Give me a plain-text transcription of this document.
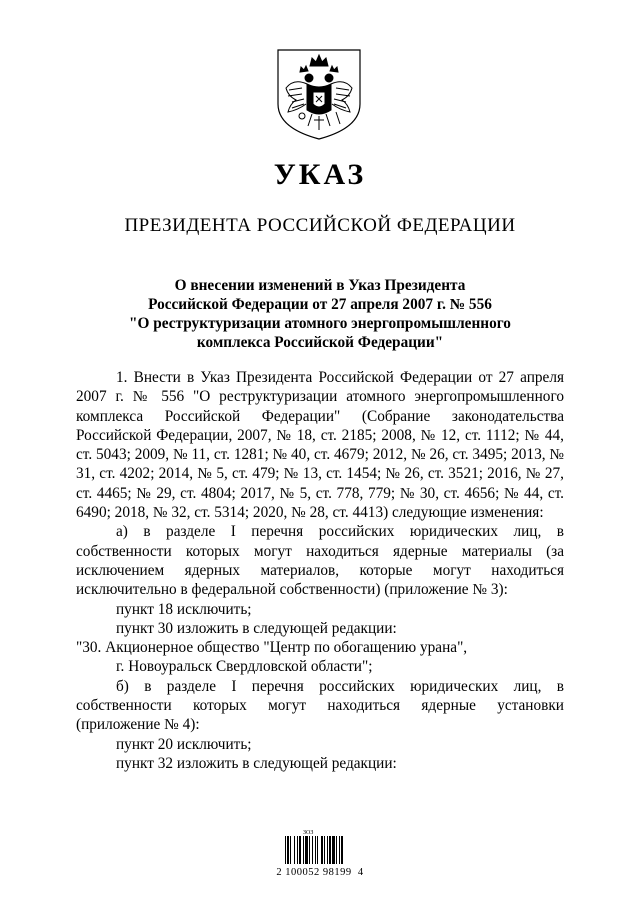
УКАЗ
ПРЕЗИДЕНТА РОССИЙСКОЙ ФЕДЕРАЦИИ
О внесении изменений в Указ Президента
Российской Федерации от 27 апреля 2007 г. № 556
"О реструктуризации атомного энергопромышленного
комплекса Российской Федерации"
1. Внести в Указ Президента Российской Федерации от 27 апреля 2007 г. № 556 "О реструктуризации атомного энергопромышленного комплекса Российской Федерации" (Собрание законодательства Российской Федерации, 2007, № 18, ст. 2185; 2008, № 12, ст. 1112; № 44, ст. 5043; 2009, № 11, ст. 1281; № 40, ст. 4679; 2012, № 26, ст. 3495; 2013, № 31, ст. 4202; 2014, № 5, ст. 479; № 13, ст. 1454; № 26, ст. 3521; 2016, № 27, ст. 4465; № 29, ст. 4804; 2017, № 5, ст. 778, 779; № 30, ст. 4656; № 44, ст. 6490; 2018, № 32, ст. 5314; 2020, № 28, ст. 4413) следующие изменения:
а) в разделе I перечня российских юридических лиц, в собственности которых могут находиться ядерные материалы (за исключением ядерных материалов, которые могут находиться исключительно в федеральной собственности) (приложение № 3):
пункт 18 исключить;
пункт 30 изложить в следующей редакции:
"30. Акционерное общество "Центр по обогащению урана",
г. Новоуральск Свердловской области";
б) в разделе I перечня российских юридических лиц, в собственности которых могут находиться ядерные установки (приложение № 4):
пункт 20 исключить;
пункт 32 изложить в следующей редакции:
ЗОЗ
2 100052 98199  4
